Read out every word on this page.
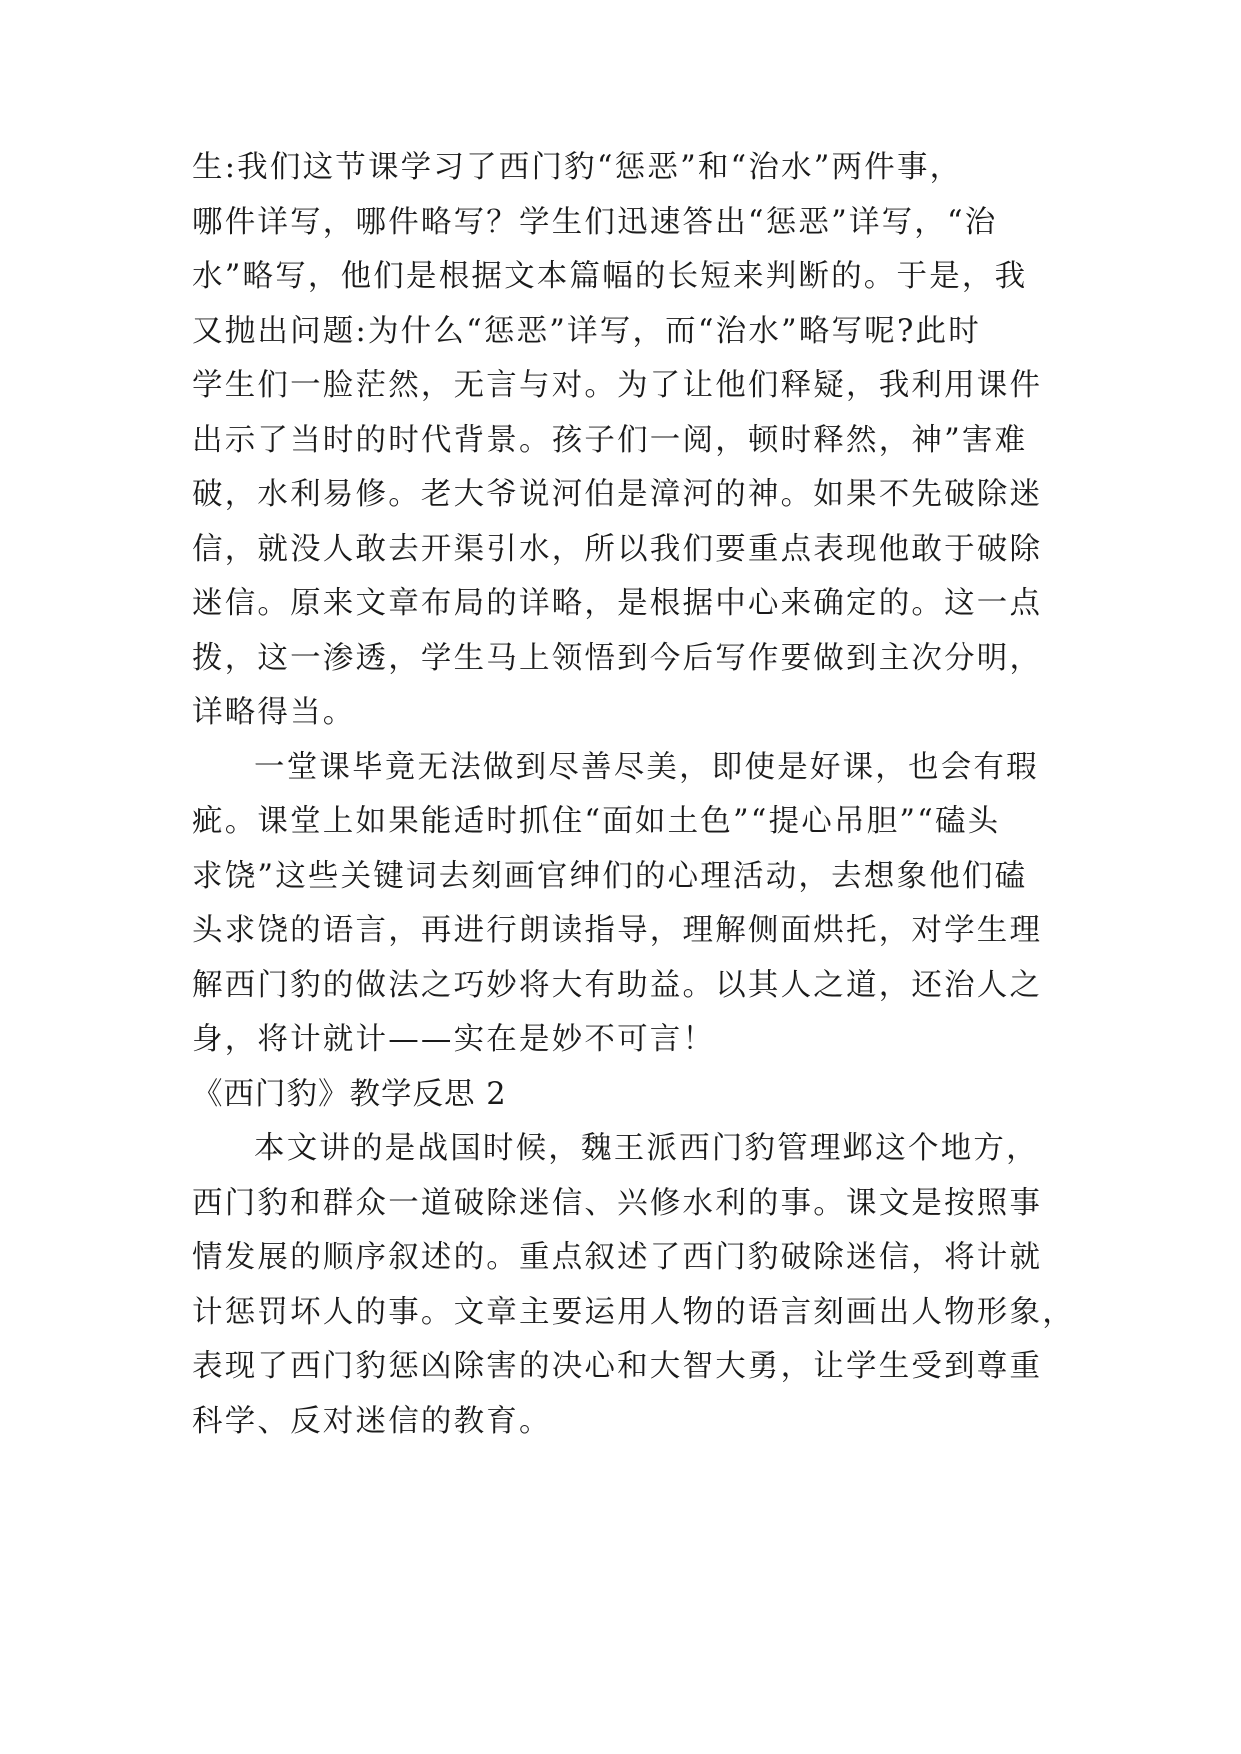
生:我们这节课学习了西门豹“惩恶”和“治水”两件事，
哪件详写，哪件略写？学生们迅速答出“惩恶”详写，“治
水”略写，他们是根据文本篇幅的长短来判断的。于是，我
又抛出问题:为什么“惩恶”详写，而“治水”略写呢?此时
学生们一脸茫然，无言与对。为了让他们释疑，我利用课件
出示了当时的时代背景。孩子们一阅，顿时释然，神”害难
破，水利易修。老大爷说河伯是漳河的神。如果不先破除迷
信，就没人敢去开渠引水，所以我们要重点表现他敢于破除
迷信。原来文章布局的详略，是根据中心来确定的。这一点
拨，这一渗透，学生马上领悟到今后写作要做到主次分明，
详略得当。
一堂课毕竟无法做到尽善尽美，即使是好课，也会有瑕
疵。课堂上如果能适时抓住“面如土色”“提心吊胆”“磕头
求饶”这些关键词去刻画官绅们的心理活动，去想象他们磕
头求饶的语言，再进行朗读指导，理解侧面烘托，对学生理
解西门豹的做法之巧妙将大有助益。以其人之道，还治人之
身，将计就计——实在是妙不可言！
《西门豹》教学反思 2
本文讲的是战国时候，魏王派西门豹管理邺这个地方，
西门豹和群众一道破除迷信、兴修水利的事。课文是按照事
情发展的顺序叙述的。重点叙述了西门豹破除迷信，将计就
计惩罚坏人的事。文章主要运用人物的语言刻画出人物形象，
表现了西门豹惩凶除害的决心和大智大勇，让学生受到尊重
科学、反对迷信的教育。
